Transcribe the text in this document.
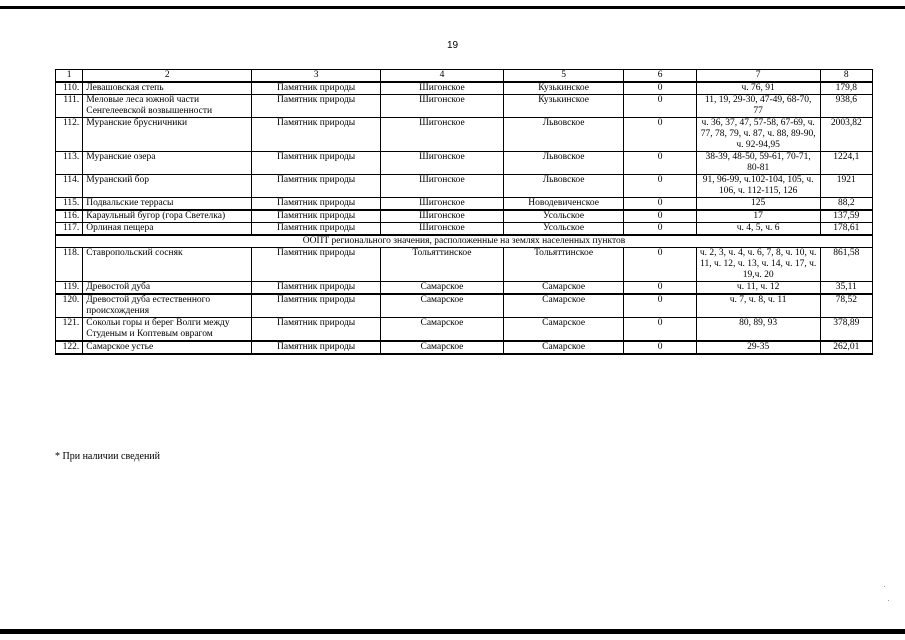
19
1	2	3	4	5	6	7	8
110.	Левашовская степь	Памятник природы	Шигонское	Кузькинское	0	ч. 76, 91	179,8
111.	Меловые леса южной части Сенгелеевской возвышенности	Памятник природы	Шигонское	Кузькинское	0	11, 19, 29-30, 47-49, 68-70, 77	938,6
112.	Муранские брусничники	Памятник природы	Шигонское	Львовское	0	ч. 36, 37, 47, 57-58, 67-69, ч. 77, 78, 79, ч. 87, ч. 88, 89-90, ч. 92-94,95	2003,82
113.	Муранские озера	Памятник природы	Шигонское	Львовское	0	38-39, 48-50, 59-61, 70-71, 80-81	1224,1
114.	Муранский бор	Памятник природы	Шигонское	Львовское	0	91, 96-99, ч.102-104, 105, ч. 106, ч. 112-115, 126	1921
115.	Подвальские террасы	Памятник природы	Шигонское	Новодевиченское	0	125	88,2
116.	Караульный бугор (гора Светелка)	Памятник природы	Шигонское	Усольское	0	17	137,59
117.	Орлиная пещера	Памятник природы	Шигонское	Усольское	0	ч. 4, 5, ч. 6	178,61
ООПТ регионального значения, расположенные на землях населенных пунктов							
118.	Ставропольский сосняк	Памятник природы	Тольяттинское	Тольяттинское	0	ч. 2, 3, ч. 4, ч. 6, 7, 8, ч. 10, ч. 11, ч. 12, ч. 13, ч. 14, ч. 17, ч. 19,ч. 20	861,58
119.	Древостой дуба	Памятник природы	Самарское	Самарское	0	ч. 11, ч. 12	35,11
120.	Древостой дуба естественного происхождения	Памятник природы	Самарское	Самарское	0	ч. 7, ч. 8, ч. 11	78,52
121.	Сокольи горы и берег Волги между Студеным и Коптевым оврагом	Памятник природы	Самарское	Самарское	0	80, 89, 93	378,89
122.	Самарское устье	Памятник природы	Самарское	Самарское	0	29-35	262,01
* При наличии сведений
